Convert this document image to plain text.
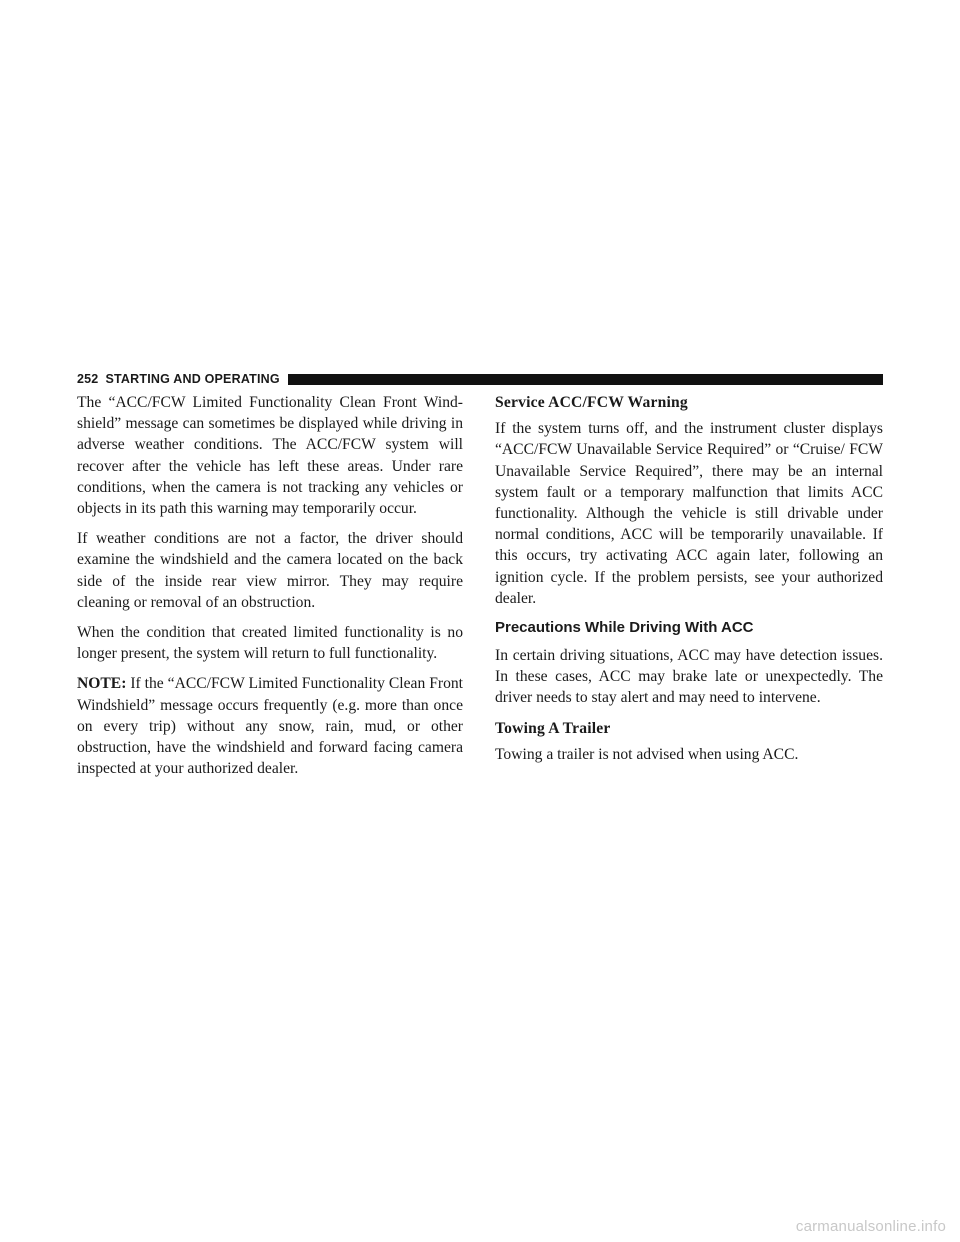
252 STARTING AND OPERATING

The “ACC/FCW Limited Functionality Clean Front Windshield” message can sometimes be displayed while driving in adverse weather conditions. The ACC/FCW system will recover after the vehicle has left these areas. Under rare conditions, when the camera is not tracking any vehicles or objects in its path this warning may temporarily occur.

If weather conditions are not a factor, the driver should examine the windshield and the camera located on the back side of the inside rear view mirror. They may require cleaning or removal of an obstruction.

When the condition that created limited functionality is no longer present, the system will return to full functionality.

NOTE: If the “ACC/FCW Limited Functionality Clean Front Windshield” message occurs frequently (e.g. more than once on every trip) without any snow, rain, mud, or other obstruction, have the windshield and forward facing camera inspected at your authorized dealer.

Service ACC/FCW Warning

If the system turns off, and the instrument cluster displays “ACC/FCW Unavailable Service Required” or “Cruise/ FCW Unavailable Service Required”, there may be an internal system fault or a temporary malfunction that limits ACC functionality. Although the vehicle is still drivable under normal conditions, ACC will be temporarily unavailable. If this occurs, try activating ACC again later, following an ignition cycle. If the problem persists, see your authorized dealer.

Precautions While Driving With ACC

In certain driving situations, ACC may have detection issues. In these cases, ACC may brake late or unexpectedly. The driver needs to stay alert and may need to intervene.

Towing A Trailer

Towing a trailer is not advised when using ACC.

carmanualsonline.info
